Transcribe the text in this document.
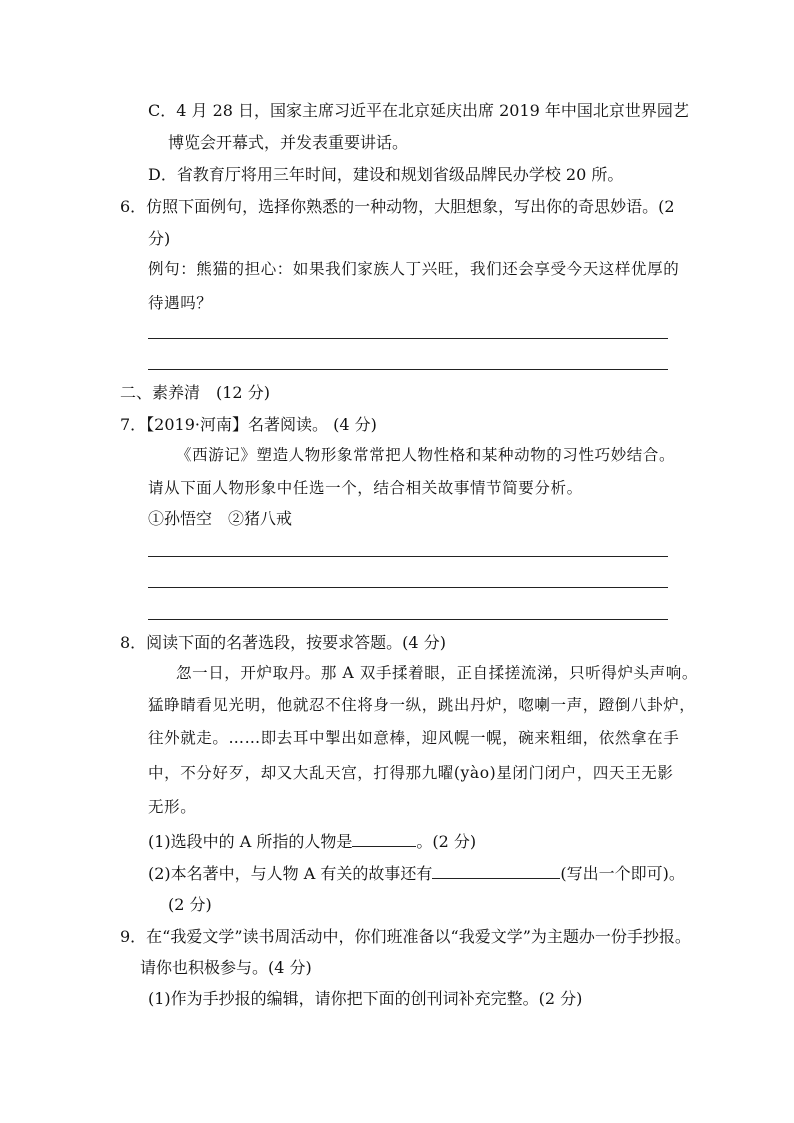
C．4 月 28 日，国家主席习近平在北京延庆出席 2019 年中国北京世界园艺
博览会开幕式，并发表重要讲话。
D．省教育厅将用三年时间，建设和规划省级品牌民办学校 20 所。
6．仿照下面例句，选择你熟悉的一种动物，大胆想象，写出你的奇思妙语。(2
分)
例句：熊猫的担心：如果我们家族人丁兴旺，我们还会享受今天这样优厚的
待遇吗？
二、素养清　(12 分)
7．【2019·河南】名著阅读。 (4 分)
《西游记》塑造人物形象常常把人物性格和某种动物的习性巧妙结合。
请从下面人物形象中任选一个，结合相关故事情节简要分析。
①孙悟空　②猪八戒
8．阅读下面的名著选段，按要求答题。(4 分)
忽一日，开炉取丹。那 A 双手揉着眼，正自揉搓流涕，只听得炉头声响。
猛睁睛看见光明，他就忍不住将身一纵，跳出丹炉，唿喇一声，蹬倒八卦炉，
往外就走。……即去耳中掣出如意棒，迎风幌一幌，碗来粗细，依然拿在手
中，不分好歹，却又大乱天宫，打得那九曜(yào)星闭门闭户，四天王无影
无形。
(1)选段中的 A 所指的人物是	。(2 分)
(2)本名著中，与人物 A 有关的故事还有	(写出一个即可)。
(2 分)
9．在“我爱文学”读书周活动中，你们班准备以“我爱文学”为主题办一份手抄报。
请你也积极参与。(4 分)
(1)作为手抄报的编辑，请你把下面的创刊词补充完整。(2 分)
